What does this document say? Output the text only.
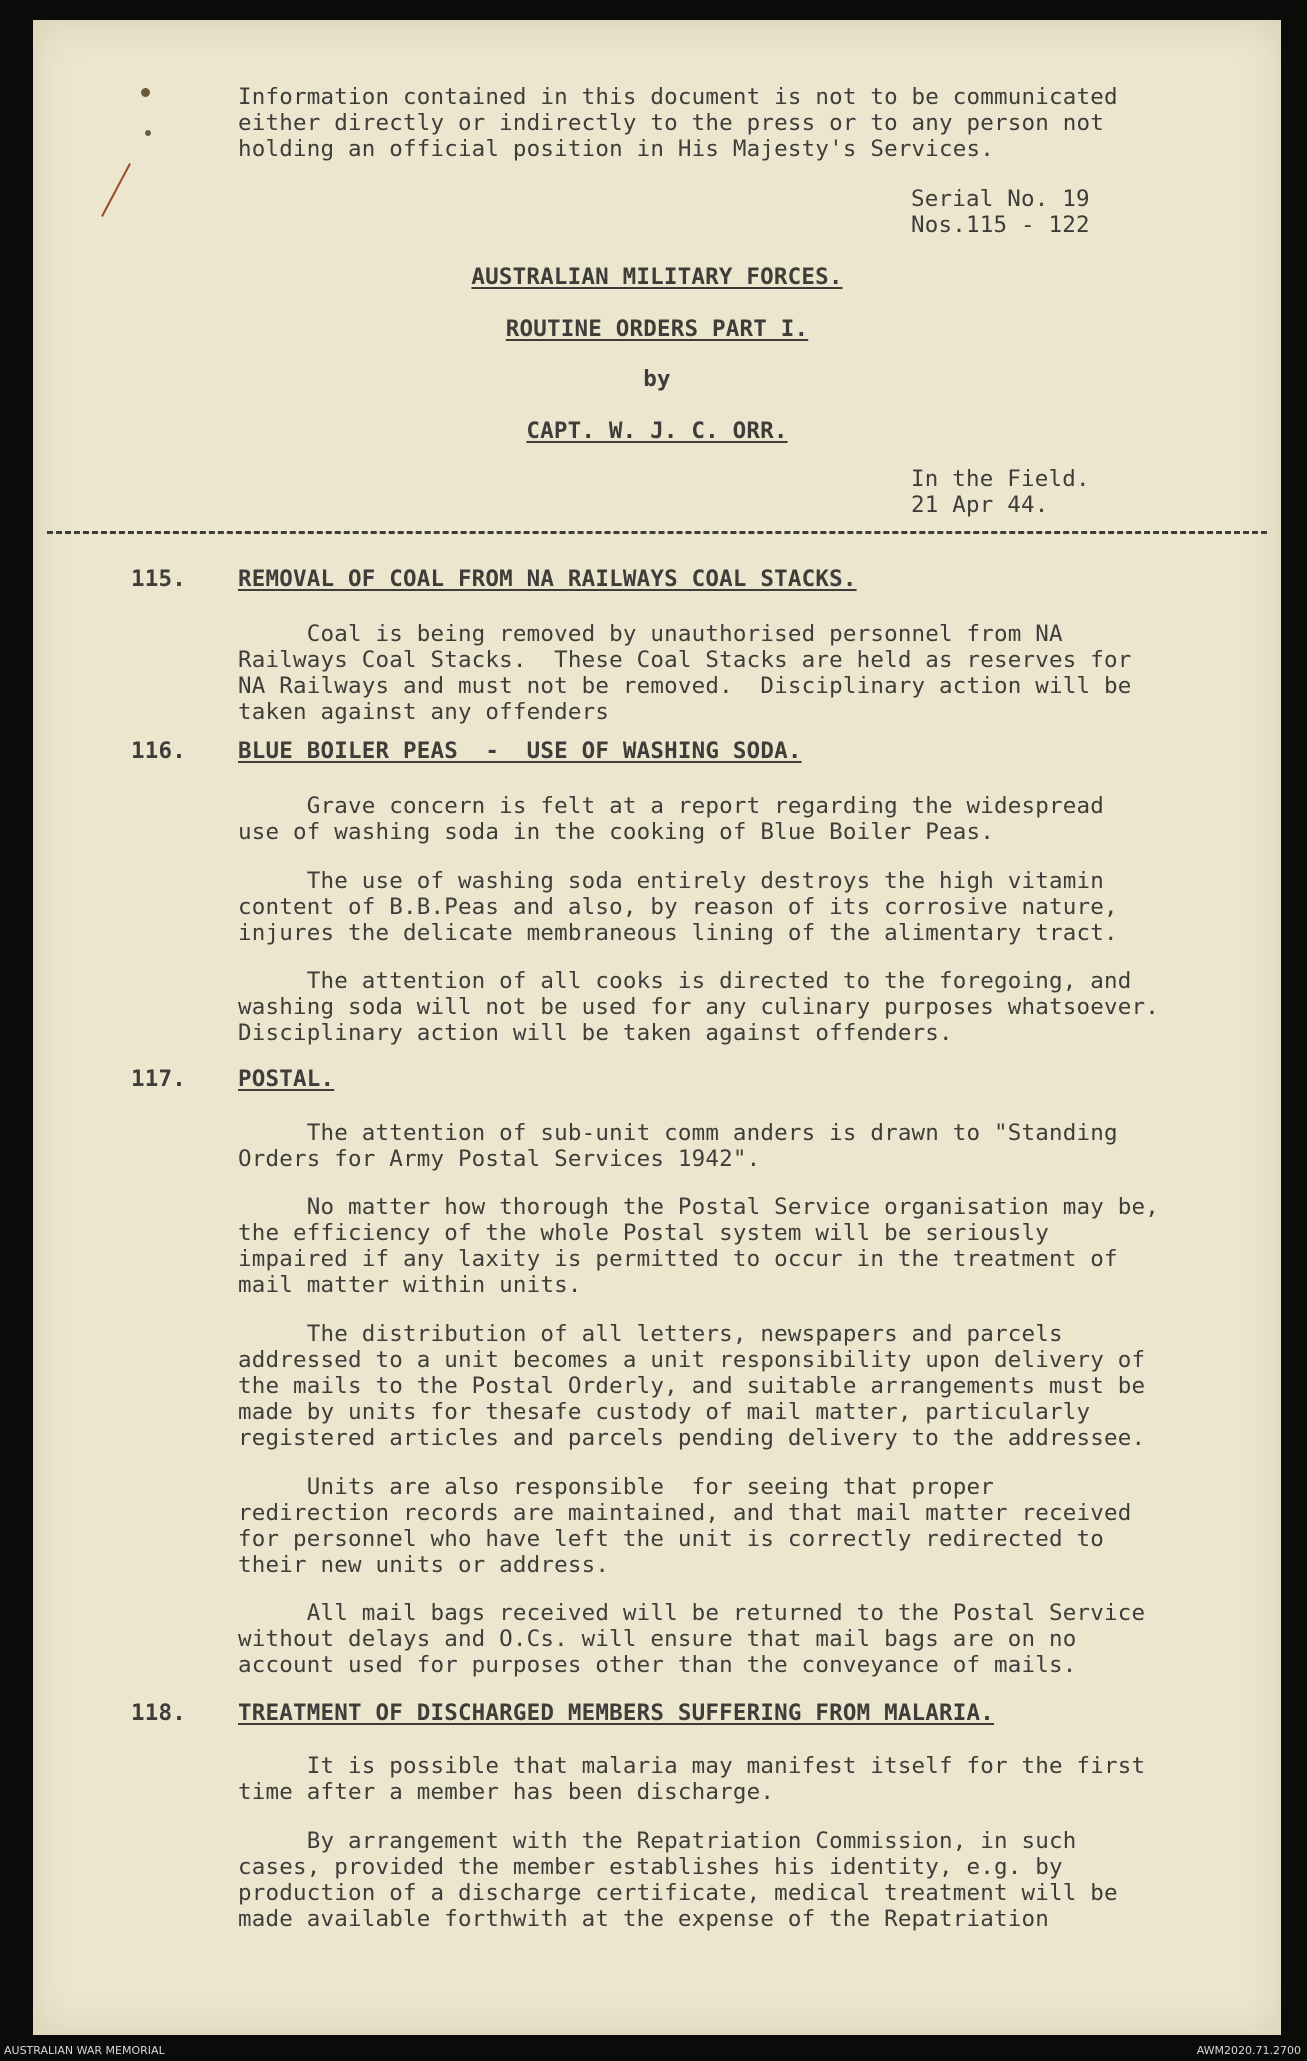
Information contained in this document is not to be communicated
either directly or indirectly to the press or to any person not
holding an official position in His Majesty's Services.
Serial No. 19
Nos.115 - 122
AUSTRALIAN MILITARY FORCES.
ROUTINE ORDERS PART I.
by
CAPT. W. J. C. ORR.
In the Field.
21 Apr 44.
115. REMOVAL OF COAL FROM NA RAILWAYS COAL STACKS.
Coal is being removed by unauthorised personnel from NA
Railways Coal Stacks.  These Coal Stacks are held as reserves for
NA Railways and must not be removed.  Disciplinary action will be
taken against any offenders
116. BLUE BOILER PEAS  -  USE OF WASHING SODA.
Grave concern is felt at a report regarding the widespread
use of washing soda in the cooking of Blue Boiler Peas.
The use of washing soda entirely destroys the high vitamin
content of B.B.Peas and also, by reason of its corrosive nature,
injures the delicate membraneous lining of the alimentary tract.
The attention of all cooks is directed to the foregoing, and
washing soda will not be used for any culinary purposes whatsoever.
Disciplinary action will be taken against offenders.
117. POSTAL.
The attention of sub-unit comm anders is drawn to "Standing
Orders for Army Postal Services 1942".
No matter how thorough the Postal Service organisation may be,
the efficiency of the whole Postal system will be seriously
impaired if any laxity is permitted to occur in the treatment of
mail matter within units.
The distribution of all letters, newspapers and parcels
addressed to a unit becomes a unit responsibility upon delivery of
the mails to the Postal Orderly, and suitable arrangements must be
made by units for thesafe custody of mail matter, particularly
registered articles and parcels pending delivery to the addressee.
Units are also responsible  for seeing that proper
redirection records are maintained, and that mail matter received
for personnel who have left the unit is correctly redirected to
their new units or address.
All mail bags received will be returned to the Postal Service
without delays and O.Cs. will ensure that mail bags are on no
account used for purposes other than the conveyance of mails.
118. TREATMENT OF DISCHARGED MEMBERS SUFFERING FROM MALARIA.
It is possible that malaria may manifest itself for the first
time after a member has been discharge.
By arrangement with the Repatriation Commission, in such
cases, provided the member establishes his identity, e.g. by
production of a discharge certificate, medical treatment will be
made available forthwith at the expense of the Repatriation
AUSTRALIAN WAR MEMORIAL	AWM2020.71.2700
